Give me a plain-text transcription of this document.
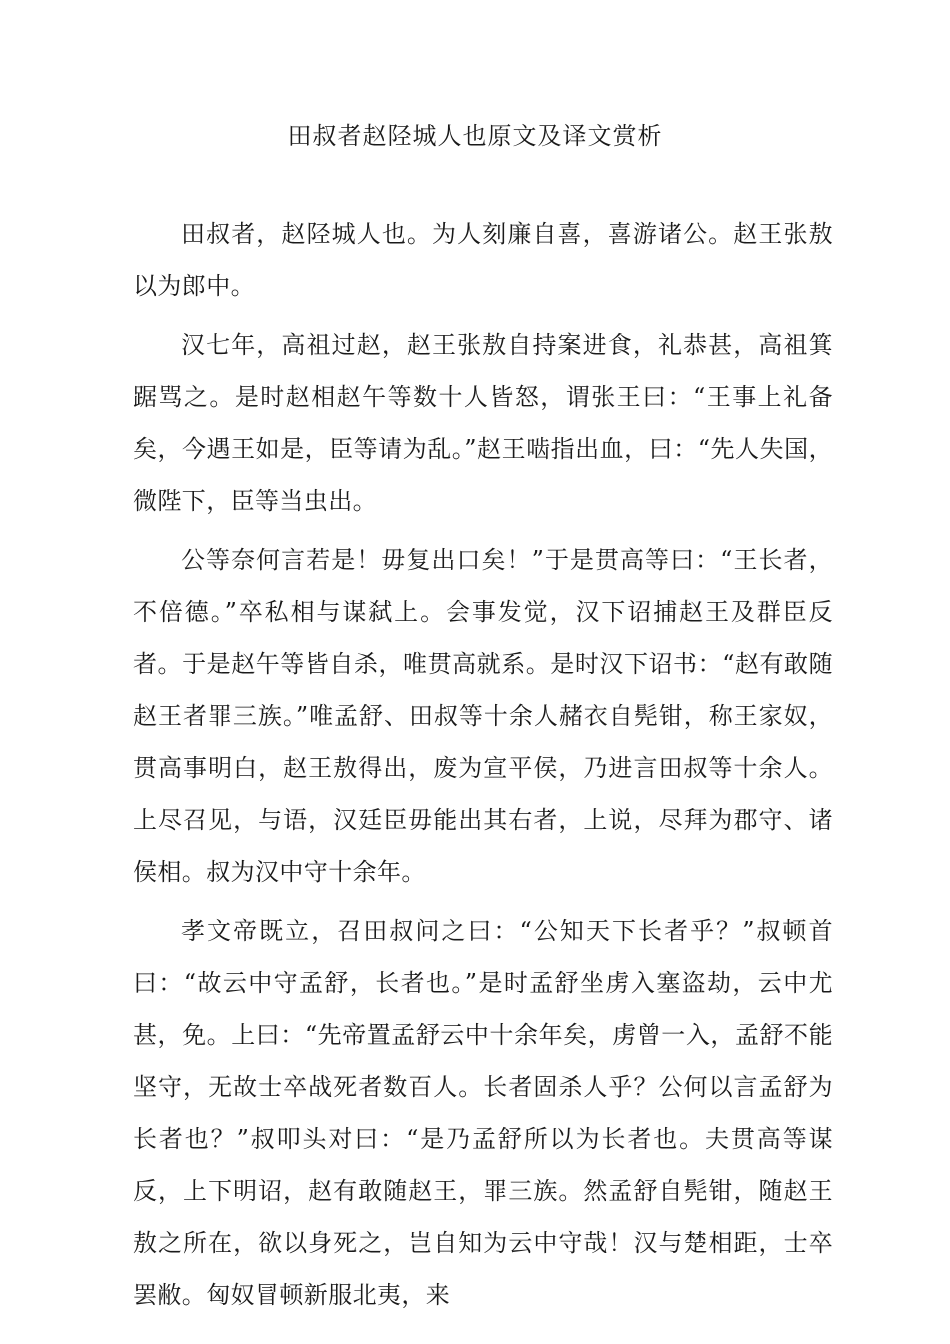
田叔者赵陉城人也原文及译文赏析

田叔者，赵陉城人也。为人刻廉自喜，喜游诸公。赵王张敖以为郎中。

汉七年，高祖过赵，赵王张敖自持案进食，礼恭甚，高祖箕踞骂之。是时赵相赵午等数十人皆怒，谓张王曰：“王事上礼备矣，今遇王如是，臣等请为乱。”赵王啮指出血，曰：“先人失国，微陛下，臣等当虫出。

公等奈何言若是！毋复出口矣！”于是贯高等曰：“王长者，不倍德。”卒私相与谋弑上。会事发觉，汉下诏捕赵王及群臣反者。于是赵午等皆自杀，唯贯高就系。是时汉下诏书：“赵有敢随赵王者罪三族。”唯孟舒、田叔等十余人赭衣自髡钳，称王家奴，贯高事明白，赵王敖得出，废为宣平侯，乃进言田叔等十余人。上尽召见，与语，汉廷臣毋能出其右者，上说，尽拜为郡守、诸侯相。叔为汉中守十余年。

孝文帝既立，召田叔问之曰：“公知天下长者乎？”叔顿首曰：“故云中守孟舒，长者也。”是时孟舒坐虏入塞盗劫，云中尤甚，免。上曰：“先帝置孟舒云中十余年矣，虏曾一入，孟舒不能坚守，无故士卒战死者数百人。长者固杀人乎？公何以言孟舒为长者也？”叔叩头对曰：“是乃孟舒所以为长者也。夫贯高等谋反，上下明诏，赵有敢随赵王，罪三族。然孟舒自髡钳，随赵王敖之所在，欲以身死之，岂自知为云中守哉！汉与楚相距，士卒罢敝。匈奴冒顿新服北夷，来
